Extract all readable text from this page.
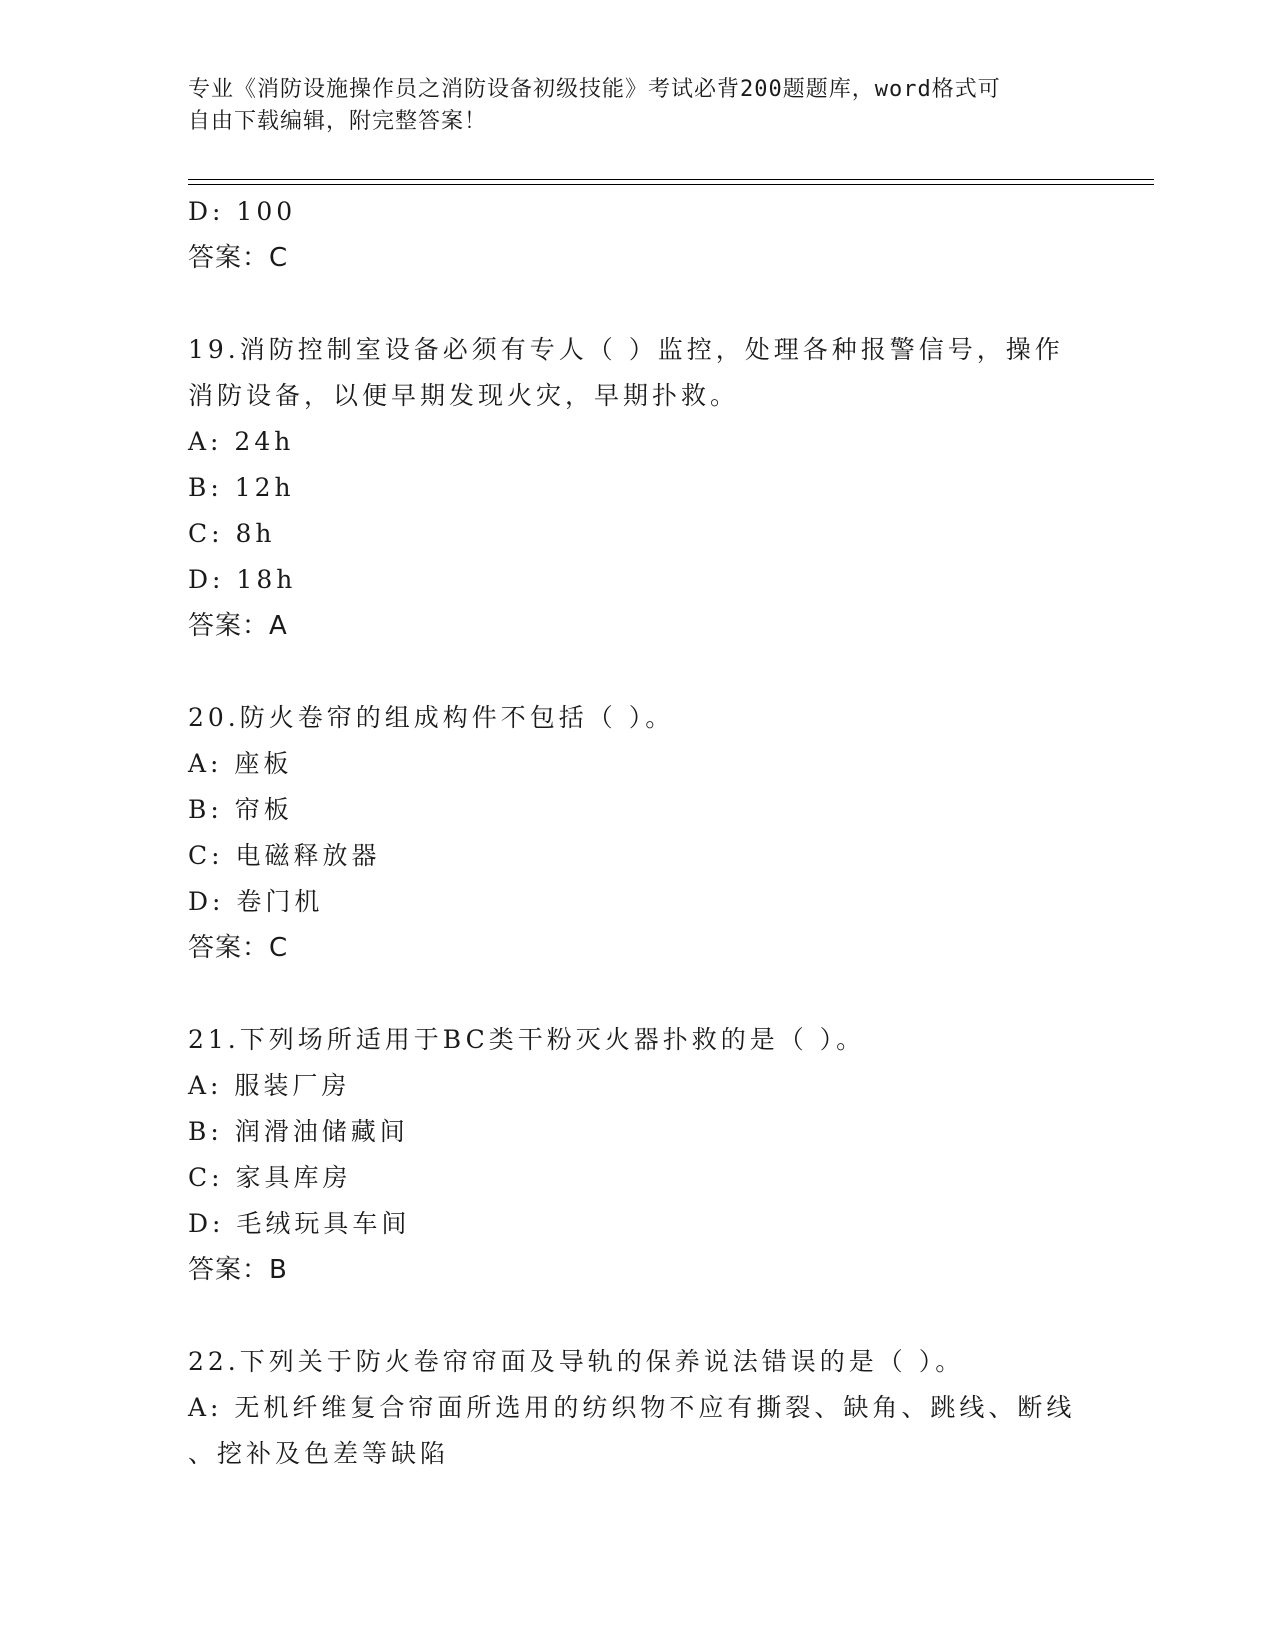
专业《消防设施操作员之消防设备初级技能》考试必背200题题库，word格式可
自由下载编辑，附完整答案！
D: 100
答案：C
19.消防控制室设备必须有专人（ ）监控，处理各种报警信号，操作
消防设备，以便早期发现火灾，早期扑救。
A: 24h
B: 12h
C: 8h
D: 18h
答案：A
20.防火卷帘的组成构件不包括（ ）。
A: 座板
B: 帘板
C: 电磁释放器
D: 卷门机
答案：C
21.下列场所适用于BC类干粉灭火器扑救的是（ ）。
A: 服装厂房
B: 润滑油储藏间
C: 家具库房
D: 毛绒玩具车间
答案：B
22.下列关于防火卷帘帘面及导轨的保养说法错误的是（ ）。
A: 无机纤维复合帘面所选用的纺织物不应有撕裂、缺角、跳线、断线
、挖补及色差等缺陷
